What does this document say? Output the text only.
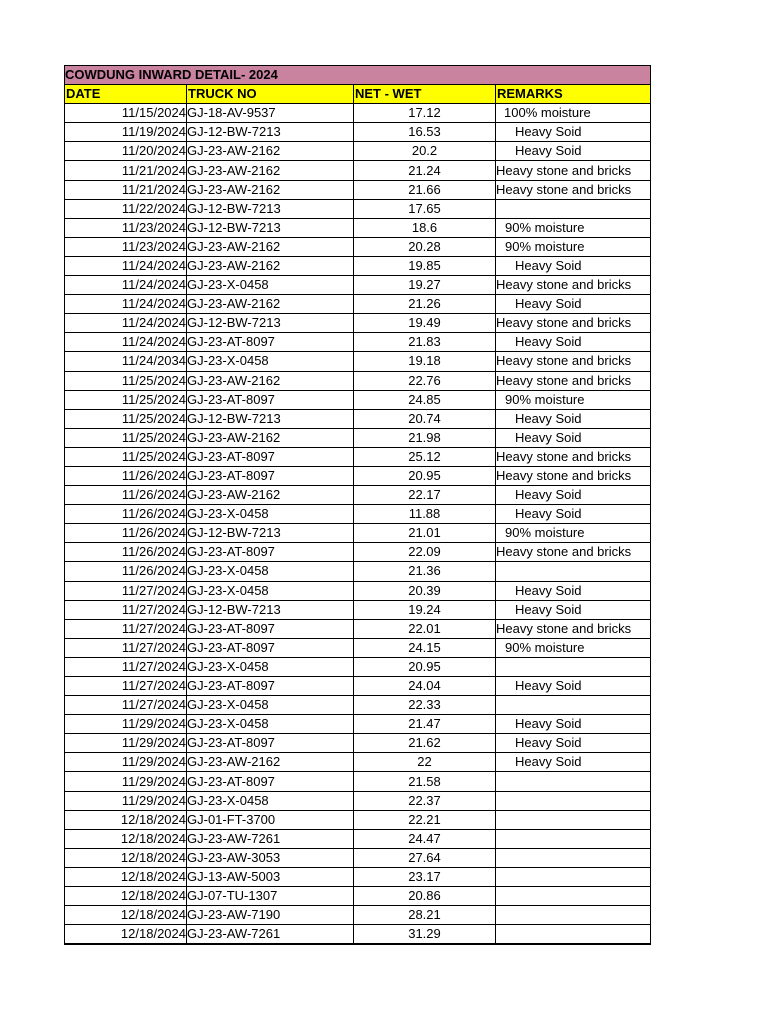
COWDUNG INWARD DETAIL- 2024			
DATE	TRUCK NO	NET - WET	REMARKS
11/15/2024	GJ-18-AV-9537	17.12	100% moisture
11/19/2024	GJ-12-BW-7213	16.53	Heavy Soid
11/20/2024	GJ-23-AW-2162	20.2	Heavy Soid
11/21/2024	GJ-23-AW-2162	21.24	Heavy stone and bricks
11/21/2024	GJ-23-AW-2162	21.66	Heavy stone and bricks
11/22/2024	GJ-12-BW-7213	17.65	
11/23/2024	GJ-12-BW-7213	18.6	90% moisture
11/23/2024	GJ-23-AW-2162	20.28	90% moisture
11/24/2024	GJ-23-AW-2162	19.85	Heavy Soid
11/24/2024	GJ-23-X-0458	19.27	Heavy stone and bricks
11/24/2024	GJ-23-AW-2162	21.26	Heavy Soid
11/24/2024	GJ-12-BW-7213	19.49	Heavy stone and bricks
11/24/2024	GJ-23-AT-8097	21.83	Heavy Soid
11/24/2034	GJ-23-X-0458	19.18	Heavy stone and bricks
11/25/2024	GJ-23-AW-2162	22.76	Heavy stone and bricks
11/25/2024	GJ-23-AT-8097	24.85	90% moisture
11/25/2024	GJ-12-BW-7213	20.74	Heavy Soid
11/25/2024	GJ-23-AW-2162	21.98	Heavy Soid
11/25/2024	GJ-23-AT-8097	25.12	Heavy stone and bricks
11/26/2024	GJ-23-AT-8097	20.95	Heavy stone and bricks
11/26/2024	GJ-23-AW-2162	22.17	Heavy Soid
11/26/2024	GJ-23-X-0458	11.88	Heavy Soid
11/26/2024	GJ-12-BW-7213	21.01	90% moisture
11/26/2024	GJ-23-AT-8097	22.09	Heavy stone and bricks
11/26/2024	GJ-23-X-0458	21.36	
11/27/2024	GJ-23-X-0458	20.39	Heavy Soid
11/27/2024	GJ-12-BW-7213	19.24	Heavy Soid
11/27/2024	GJ-23-AT-8097	22.01	Heavy stone and bricks
11/27/2024	GJ-23-AT-8097	24.15	90% moisture
11/27/2024	GJ-23-X-0458	20.95	
11/27/2024	GJ-23-AT-8097	24.04	Heavy Soid
11/27/2024	GJ-23-X-0458	22.33	
11/29/2024	GJ-23-X-0458	21.47	Heavy Soid
11/29/2024	GJ-23-AT-8097	21.62	Heavy Soid
11/29/2024	GJ-23-AW-2162	22	Heavy Soid
11/29/2024	GJ-23-AT-8097	21.58	
11/29/2024	GJ-23-X-0458	22.37	
12/18/2024	GJ-01-FT-3700	22.21	
12/18/2024	GJ-23-AW-7261	24.47	
12/18/2024	GJ-23-AW-3053	27.64	
12/18/2024	GJ-13-AW-5003	23.17	
12/18/2024	GJ-07-TU-1307	20.86	
12/18/2024	GJ-23-AW-7190	28.21	
12/18/2024	GJ-23-AW-7261	31.29	
